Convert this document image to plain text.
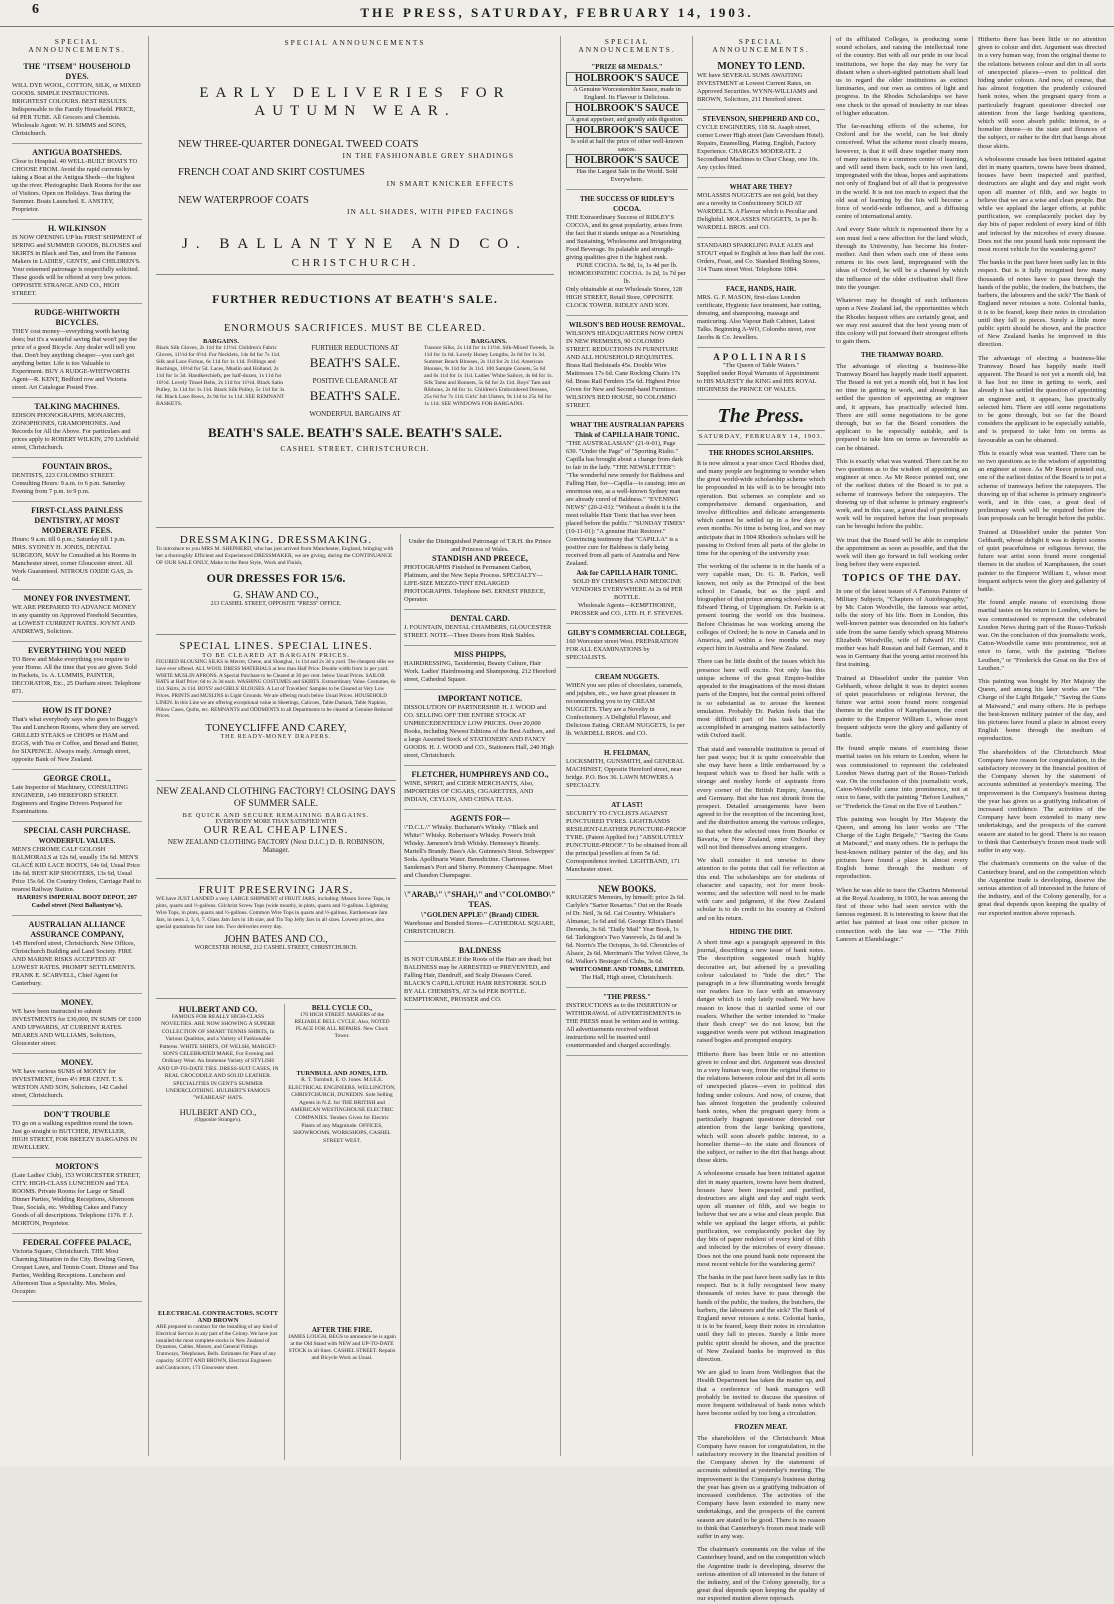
6	THE PRESS, SATURDAY, FEBRUARY 14, 1903.
SPECIAL ANNOUNCEMENTS.
THE "ITSEM" HOUSEHOLD DYES.
WILL DYE WOOL, COTTON, SILK, or MIXED GOODS. SIMPLE INSTRUCTIONS. BRIGHTEST COLOURS. BEST RESULTS. Indispensable to the Family Household. PRICE, 6d PER TUBE. All Grocers and Chemists. Wholesale Agent: W. H. SIMMS and SONS, Christchurch.
ANTIGUA BOATSHEDS.
Close to Hospital. 40 WELL-BUILT BOATS TO CHOOSE FROM. Avoid the rapid currents by taking a Boat at the Antigua Sheds—the highest up the river. Photographic Dark Rooms for the use of Visitors. Open on Holidays. Teas during the Summer. Boats Launched. E. ANSTEY, Proprietor.
H. WILKINSON
IS NOW OPENING UP his FIRST SHIPMENT of SPRING and SUMMER GOODS, BLOUSES and SKIRTS in Black and Tan, and from the Famous Makers in LADIES', GENTS', and CHILDREN'S. Your esteemed patronage is respectfully solicited. These goods will be offered at very low prices. OPPOSITE STRANGE AND CO., HIGH STREET.
RUDGE-WHITWORTH BICYCLES.
THEY cost money—everything worth having does; but it's a wasteful saving that won't pay the price of a good Bicycle. Any dealer will tell you that. Don't buy anything cheaper—you can't get anything better. Life is too Valuable to Experiment. BUY A RUDGE-WHITWORTH. Agent—R. KENT, Bedford row and Victoria street. Art Catalogue Posted Free.
TALKING MACHINES.
EDISON PHONOGRAPHS, MONARCHS, ZONOPHONES, GRAMOPHONES. And Records for All the Above. For particulars and prices apply to ROBERT WILKIN, 270 Lichfield street, Christchurch.
FOUNTAIN BROS.,
DENTISTS, 223 COLOMBO STREET. Consulting Hours: 9 a.m. to 6 p.m. Saturday Evening from 7 p.m. to 9 p.m.
FIRST-CLASS PAINLESS DENTISTRY, AT MOST MODERATE FEES.
Hours: 9 a.m. till 6 p.m.; Saturday till 1 p.m. MRS. SYDNEY H. JONES, DENTAL SURGEON, MAY be Consulted at his Rooms in Manchester street, corner Gloucester street. All Work Guaranteed. NITROUS OXIDE GAS, 2s 6d.
MONEY FOR INVESTMENT.
WE ARE PREPARED TO ADVANCE MONEY in any quantity on Approved Freehold Securities, at LOWEST CURRENT RATES. JOYNT AND ANDREWS, Solicitors.
EVERYTHING YOU NEED
TO Brew and Make everything you require to your Home. All the time that you are given. Sold in Packets, 1s. A. LUMMIS, PAINTER, DECORATOR, Etc., 25 Durham street. Telephone 871.
HOW IS IT DONE?
That's what everybody says who goes to Buggy's Tea and Luncheon Rooms, where they are served. GRILLED STEAKS or CHOPS or HAM and EGGS, with Tea or Coffee, and Bread and Butter, for SIXPENCE. Always ready. Armagh street, opposite Bank of New Zealand.
GEORGE CROLL,
Late Inspector of Machinery, CONSULTING ENGINEER, 149 HEREFORD STREET. Engineers and Engine Drivers Prepared for Examinations.
SPECIAL CASH PURCHASE.
WONDERFUL VALUES.
MEN'S CHROME CALF GOLOSH BALMORALS at 12s 6d, usually 15s 6d. MEN'S GLACÉ KID LACE BOOTS, 14s 6d, Usual Price 18s 6d. BEST KIP SHOOTERS, 13s 6d, Usual Price 15s 6d. On Country Orders, Carriage Paid to nearest Railway Station.
HARRIS'S IMPERIAL BOOT DEPOT, 207 Cashel street (Next Ballantyne's).
AUSTRALIAN ALLIANCE ASSURANCE COMPANY,
145 Hereford street, Christchurch. New Offices, Christchurch Building and Land Society. FIRE AND MARINE RISKS ACCEPTED AT LOWEST RATES. PROMPT SETTLEMENTS. FRANK E. SCARVELL, Chief Agent for Canterbury.
MONEY.
WE have been instructed to submit INVESTMENTS for £30,000, IN SUMS OF £100 AND UPWARDS, AT CURRENT RATES. MEARES AND WILLIAMS, Solicitors, Gloucester street.
MONEY.
WE have various SUMS of MONEY for INVESTMENT, from 4½ PER CENT. T. S. WESTON AND SON, Solicitors, 142 Cashel street, Christchurch.
DON'T TROUBLE
TO go on a walking expedition round the town. Just go straight to BUTCHER, JEWELLER, HIGH STREET, FOR BREEZY BARGAINS IN JEWELLERY.
MORTON'S
(Late Ladies' Club), 153 WORCESTER STREET, CITY. HIGH-CLASS LUNCHEON and TEA ROOMS. Private Rooms for Large or Small Dinner Parties, Wedding Receptions, Afternoon Teas, Socials, etc. Wedding Cakes and Fancy Goods of all descriptions. Telephone 1176. F. J. MORTON, Proprietor.
FEDERAL COFFEE PALACE,
Victoria Square, Christchurch. THE Most Charming Situation in the City. Bowling Green, Croquet Lawn, and Tennis Court. Dinner and Tea Parties, Wedding Receptions. Luncheon and Afternoon Teas a Speciality. Mrs. Moles, Occupier.
SPECIAL ANNOUNCEMENTS
EARLY DELIVERIES FOR AUTUMN WEAR.
NEW THREE-QUARTER DONEGAL TWEED COATS
IN THE FASHIONABLE GREY SHADINGS
FRENCH COAT AND SKIRT COSTUMES
IN SMART KNICKER EFFECTS
NEW WATERPROOF COATS
IN ALL SHADES, WITH PIPED FACINGS
J. BALLANTYNE AND CO.
CHRISTCHURCH.
FURTHER REDUCTIONS AT BEATH'S SALE.
ENORMOUS SACRIFICES. MUST BE CLEARED.
BARGAINS.
Black Silk Gloves, 2s 11d for 11½d. Children's Fabric Gloves, 11½d for 6½d. Fur Necklets, 14s 6d for 7s 11d. Silk and Lace Fichus, 6s 11d for 1s 11d. Frillings and Ruchings, 10½d for 5d. Laces, Muslin and Holland, 2s 11d for 1s 3d. Handkerchiefs, per half-dozen, 1s 11d for 10½d. Lovely Tinsel Belts, 2s 11d for 11½d. Black Satin Pulley, 3s 11d for 1s 11d. Black Silk Pulley, 5s 11d for 3s 6d. Black Lace Bows, 2s 9d for 1s 11d. SEE REMNANT BASKETS.
FURTHER REDUCTIONS AT
BEATH'S SALE.
POSITIVE CLEARANCE AT
BEATH'S SALE.
WONDERFUL BARGAINS AT
BARGAINS.
Tussore Silks, 2s 11d for 1s 11½d. Silk-Mixed Tweeds, 3s 11d for 1s 6d. Lovely Honey Lengths, 2s 6d for 1s 3d. Summer Beach Blouses, 2s 11d for 2s 11d. American Blouses, 9s 11d for 3s 11d. 100 Sample Corsets, 5s 6d and 6s 11d for 1s 11d. Ladies' White Sailors, 4s 6d for 1s. Silk Tams and Bonnets, 5s 6d for 2s 11d. Boys' Tam and Ribbons, 2s 6d for 1s. Children's Embroidered Dresses, 25s 6d for 7s 11d. Girls' Jub Ulsters, 9s 11d to 25s 6d for 1s 11d. SEE WINDOWS FOR BARGAINS.
BEATH'S SALE. BEATH'S SALE. BEATH'S SALE.
CASHEL STREET, CHRISTCHURCH.
DRESSMAKING. DRESSMAKING.
To introduce to you MRS M. SHEPHERD, who has just arrived from Manchester, England, bringing with her a thoroughly Efficient and Experienced DRESSMAKER, we are giving, during the CONTINUANCE OF OUR SALE ONLY, Make to the Best Style, Work and Finish,
OUR DRESSES FOR 15/6.
G. SHAW AND CO.,
213 CASHEL STREET, OPPOSITE "PRESS" OFFICE.
SPECIAL LINES. SPECIAL LINES.
TO BE CLEARED AT BARGAIN PRICES.
FIGURED BLOUSING SILKS in Mercer, Chene, and Shanghai, 1s 11d and 2s 3d a yard. The cheapest silks we have ever offered. ALL WOOL DRESS MATERIALS at less than Half Price. Double width from 1s per yard. WHITE MUSLIN APRONS. A Special Purchase to be Cleared at 30 per cent. below Usual Prices. SAILOR HATS at Half Price; 6d to 2s 3d each. WASHING COSTUMES and SKIRTS. Extraordinary Value. Costumes, 6s 11d. Skirts, 2s 11d. BOYS' and GIRLS' BLOUSES. A Lot of Travellers' Samples to be Cleared at Very Low Prices. PRINTS and MUSLINS in Light Grounds. We are offering much below Usual Prices. HOUSEHOLD LINEN. In this Line we are offering exceptional value in Sheetings, Calicoes, Table Damask, Table Napkins, Pillow Cases, Quilts, etc. REMNANTS and ODDMENTS in all Departments to be cleared at Genuine Reduced Prices.
TONEYCLIFFE AND CAREY,
THE READY-MONEY DRAPERS.
NEW ZEALAND CLOTHING FACTORY! CLOSING DAYS OF SUMMER SALE.
BE QUICK AND SECURE REMAINING BARGAINS.
EVERYBODY MORE THAN SATISFIED WITH
OUR REAL CHEAP LINES.
NEW ZEALAND CLOTHING FACTORY (Next D.I.C.) D. B. ROBINSON, Manager.
FRUIT PRESERVING JARS.
WE have JUST LANDED a very LARGE SHIPMENT of FRUIT JARS, including: Mason Screw Tops, in pints, quarts and ½-gallons. Gilchrist Screw Tops (wide mouth), in pints, quarts and ½-gallons. Lightning Wire Tops, in pints, quarts and ½-gallons. Common Wire Tops in quarts and ½-gallons. Earthenware Jam Jars, in nests 2, 3, 6, 7. Glass Jam Jars in 1lb size, and Tin Top Jelly Jars in all sizes. Lowest prices, also special quotations for case lots. Two deliveries every day.
JOHN BATES AND CO.,
WORCESTER HOUSE, 212 CASHEL STREET, CHRISTCHURCH.
HULBERT AND CO.
FAMOUS FOR REALLY HIGH-CLASS NOVELTIES. ARE NOW SHOWING A SUPERB COLLECTION OF SMART TENNIS SHIRTS, In Various Qualities, and a Variety of Fashionable Patterns. WHITE SHIRTS, OF WELSH, MARGET-SON'S CELEBRATED MAKE, For Evening and Ordinary Wear. An Immense Variety of STYLISH AND UP-TO-DATE TIES. DRESS-SUIT CASES, IN REAL CROCODILE AND SOLID LEATHER. SPECIALITIES IN GENT'S SUMMER UNDERCLOTHING. HULBERT'S FAMOUS "WEAREASI" HATS.
HULBERT AND CO.,
(Opposite Strange's).
ELECTRICAL CONTRACTORS. SCOTT AND BROWN
ARE prepared to contract for the installing of any kind of Electrical Service in any part of the Colony. We have just installed the most complete stocks in New Zealand of Dynamos, Cables, Motors, and General Fittings. Tramways, Telephones, Bells. Estimates for Plant of any capacity. SCOTT AND BROWN, Electrical Engineers and Contractors, 173 Gloucester street.
BELL CYCLE CO.,
170 HIGH STREET. MAKERS of the RELIABLE BELL CYCLE. Also, NOTED PLACE FOR ALL REPAIRS. New Clock Tower.
TURNBULL AND JONES, LTD.
R. T. Turnbull, E. O. Jones. M.I.E.E. ELECTRICAL ENGINEERS, WELLINGTON, CHRISTCHURCH, DUNEDIN. Sole Selling Agents in N.Z. for THE BRITISH and AMERICAN WESTINGHOUSE ELECTRIC COMPANIES. Tenders Given for Electric Plants of any Magnitude. OFFICES, SHOWROOMS, WORKSHOPS, CASHEL STREET WEST.
AFTER THE FIRE.
JAMES LOUGH, BEGS to announce he is again at the Old Stand with NEW and UP-TO-DATE STOCK in all lines. CASHEL STREET. Repairs and Bicycle Work as Usual.
Under the Distinguished Patronage of T.R.H. the Prince and Princess of Wales.
STANDISH AND PREECE,
PHOTOGRAPHS Finished in Permanent Carbon, Platinum, and the New Sepia Process. SPECIALTY— LIFE-SIZE MEZZO-TINT ENLARGED PHOTOGRAPHS. Telephone 845. ERNEST PREECE, Operator.
DENTAL CARD.
J. FOUNTAIN, DENTAL CHAMBERS, GLOUCESTER STREET. NOTE—Three Doors from Rink Stables.
MISS PHIPPS,
HAIRDRESSING, Taxidermist, Beauty Culture, Hair Work. Ladies' Hairdressing and Shampooing. 212 Hereford street, Cathedral Square.
IMPORTANT NOTICE.
DISSOLUTION OF PARTNERSHIP. H. J. WOOD and CO. SELLING OFF THE ENTIRE STOCK AT UNPRECEDENTEDLY LOW PRICES. Over 20,000 Books, including Newest Editions of the Best Authors, and a large Assorted Stock of STATIONERY AND FANCY GOODS. H. J. WOOD and CO., Stationers Hall, 240 High street, Christchurch.
FLETCHER, HUMPHREYS AND CO.,
WINE, SPIRIT, and CIDER MERCHANTS, Also, IMPORTERS OF CIGARS, CIGARETTES, AND INDIAN, CEYLON, AND CHINA TEAS.
AGENTS FOR—
\"D.C.L.\" Whisky. Buchanan's Whisky. \"Black and White\" Whisky. Robertson's Whisky. Power's Irish Whisky. Jameson's Irish Whisky. Hennessy's Brandy. Martell's Brandy. Bass's Ale. Guinness's Stout. Schweppes' Soda. Apollinaris Water. Benedictine. Chartreuse. Sandeman's Port and Sherry. Pommery Champagne. Moet and Chandon Champagne.
\"ARAB,\" \"SHAH,\" and \"COLOMBO\" TEAS.
\"GOLDEN APPLE\" (Brand) CIDER.
Warehouse and Bonded Stores—CATHEDRAL SQUARE, CHRISTCHURCH.
BALDNESS
IS NOT CURABLE If the Roots of the Hair are dead; but BALDNESS may be ARRESTED or PREVENTED, and Falling Hair, Dandruff, and Scalp Diseases Cured. BLACK'S CAPILLATURE HAIR RESTORER. SOLD BY ALL CHEMISTS, AT 3s 6d PER BOTTLE. KEMPTHORNE, PROSSER and CO.
SPECIAL ANNOUNCEMENTS.
"PRIZE 68 MEDALS."
HOLBROOK'S SAUCE
A Genuine Worcestershire Sauce, made in England. Its Flavour is Delicious.
HOLBROOK'S SAUCE
A great appetiser, and greatly aids digestion.
HOLBROOK'S SAUCE
Is sold at half the price of other well-known sauces.
HOLBROOK'S SAUCE
Has the Largest Sale in the World. Sold Everywhere.
THE SUCCESS OF RIDLEY'S COCOA.
THE Extraordinary Success of RIDLEY'S COCOA, and its great popularity, arises from the fact that it stands unique as a Nourishing and Sustaining, Wholesome and Invigorating Food Beverage. Its palatable and strength-giving qualities give it the highest rank.
PURE COCOA. 5s 8d, 1s, 1s 4d per lb. HOMOEOPATHIC COCOA. 1s 2d, 1s 7d per lb.
Only obtainable at our Wholesale Stores, 128 HIGH STREET, Retail Store, OPPOSITE CLOCK TOWER. RIDLEY AND SON.
WILSON'S BED HOUSE REMOVAL.
WILSON'S HEADQUARTERS NOW OPEN IN NEW PREMISES, 90 COLOMBO STREET. REDUCTIONS IN FURNITURE AND ALL HOUSEHOLD REQUISITES. Brass Rail Bedsteads 45s. Double Wire Mattresses 17s 6d. Cane Rocking Chairs 17s 6d. Brass Rail Fenders 15s 6d. Highest Price Given for New and Second-hand Furniture. WILSON'S BED HOUSE, 90 COLOMBO STREET.
WHAT THE AUSTRALIAN PAPERS Think of CAPILLA HAIR TONIC.
"THE AUSTRALASIAN" (21-9-01), Page 630. "Under the Page" of "Sporting Rialto." Capilla has brought about a change from dark to fair in the lady. "THE NEWSLETTER": "The wonderful new remedy for Baldness and Falling Hair, for—Capilla—is causing; into an enormous one, as a well-known Sydney man are already cured of Baldness." "EVENING NEWS" (20-2-01): "Without a doubt it is the most reliable Hair Tonic that has ever been placed before the public." "SUNDAY TIMES" (10-11-01): "A genuine Hair Restorer."
Convincing testimony that "CAPILLA" is a positive cure for Baldness is daily being received from all parts of Australia and New Zealand.
Ask for CAPILLA HAIR TONIC.
SOLD BY CHEMISTS AND MEDICINE VENDORS EVERYWHERE At 2s 6d PER BOTTLE.
Wholesale Agents—KEMPTHORNE, PROSSER and CO., LTD. H. F. STEVENS.
GILBY'S COMMERCIAL COLLEGE,
160 Worcester street West. PREPARATION FOR ALL EXAMINATIONS by SPECIALISTS.
CREAM NUGGETS.
WHEN you see piles of chocolates, caramels, and jujubes, etc., we have great pleasure in recommending you to try CREAM NUGGETS. They are a Novelty in Confectionery. A Delightful Flavour, and Delicious Eating. CREAM NUGGETS, 1s per lb. WARDELL BROS. and CO.
H. FELDMAN,
LOCKSMITH, GUNSMITH, and GENERAL MACHINIST, Opposite Hereford street, near bridge. P.O. Box 36. LAWN MOWERS A SPECIALTY.
AT LAST!
SECURITY TO CYCLISTS AGAINST PUNCTURED TYRES. LIGHTBANDS RESILIENT-LEATHER PUNCTURE-PROOF TYRE. (Patent Applied for.) "ABSOLUTELY PUNCTURE-PROOF." To be obtained from all the principal jewellers at from 5s 6d. Correspondence invited. LIGHTBAND, 171 Manchester street.
NEW BOOKS.
KRUGER'S Memoirs, by himself; price 2s 6d. Carlyle's "Sartor Resartus." Out on the Roads of Dr. Neil, 3s 6d. Cat Country. Whitaker's Almanac, 1s 6d and 6d. George Eliot's Daniel Deronda, 3s 6d. "Daily Mail" Year Book, 1s 6d. Tarkington's Two Vanrevels, 2s 6d and 3s 6d. Norris's The Octopus, 3s 6d. Chronicles of Alsace, 2s 6d. Merriman's The Velvet Glove, 3s 6d. Walker's Besieger of Clubs, 3s 6d.
WHITCOMBE AND TOMBS, LIMITED.
The Hall, High street, Christchurch.
"THE PRESS."
INSTRUCTIONS as to the INSERTION or WITHDRAWAL of ADVERTISEMENTS in THE PRESS must be written and in writing. All advertisements received without instructions will be inserted until countermanded and charged accordingly.
SPECIAL ANNOUNCEMENTS.
MONEY TO LEND.
WE have SEVERAL SUMS AWAITING INVESTMENT at Lowest Current Rates, on Approved Securities. WYNN-WILLIAMS and BROWN, Solicitors, 211 Hereford street.
STEVENSON, SHEPHERD AND CO.,
CYCLE ENGINEERS, 118 St. Asaph street, corner Lower High street (late Caversham Hotel). Repairs, Enamelling, Plating. English, Factory Experience. CHARGES MODERATE. 2 Secondhand Machines to Clear Cheap, one 10s. Any cycles fitted.
WHAT ARE THEY?
MOLASSES NUGGETS are not gold, but they are a novelty in Confectionery SOLD AT WARDELL'S. A Flavour which is Peculiar and Delightful. MOLASSES NUGGETS, 1s per lb. WARDELL BROS. and CO.
STANDARD SPARKLING PALE ALES and STOUT equal to English at less than half the cost. Orders, Feast, and Co. Standard Bottling Stores, 314 Tuam street West. Telephone 1084.
FACE, HANDS, HAIR.
MRS. G. F. MASON, first-class London certificate, Hygienic face treatment, hair cutting, dressing, and shampooing, massage and manicuring. Also Vapour Bath Cabinet, Latest Talks. Beginning A-WO, Colombo street, over Jacobs & Co. Jewellers.
APOLLINARIS
"The Queen of Table Waters."
Supplied under Royal Warrants of Appointment to HIS MAJESTY the KING and HIS ROYAL HIGHNESS the PRINCE OF WALES.
The Press.
SATURDAY, FEBRUARY 14, 1903.
THE RHODES SCHOLARSHIPS.

It is now almost a year since Cecil Rhodes died, and many people are beginning to wonder when the great world-wide scholarship scheme which he propounded in his will is to be brought into operation. But schemes so complete and so comprehensive demand organisation, and involve difficulties and delicate arrangements which cannot be settled up in a few days or even months. No time is being lost, and we may anticipate that in 1904 Rhodes's scholars will be passing to Oxford from all parts of the globe in time for the opening of the university year.

The working of the scheme is in the hands of a very capable man, Dr. G. R. Parkin, well known, not only as the Principal of the best school in Canada, but as the pupil and biographer of that prince among school-masters, Edward Thring, of Uppingham. Dr. Parkin is at present touring the world on this business. Before Christmas he was working among the colleges of Oxford; he is now in Canada and in America, and within a few months we may expect him in Australia and New Zealand.

There can be little doubt of the issues which his presence here will excite. Not only has this unique scheme of the great Empire-builder appealed to the imaginations of the most distant parts of the Empire, but the central point offered is so substantial as to arouse the keenest emulation. Probably Dr. Parkin feels that the most difficult part of his task has been accomplished in arranging matters satisfactorily with Oxford itself.

That staid and venerable institution is proud of her past ways; but it is quite conceivable that she may have been a little embarrassed by a bequest which was to flood her halls with a strange and motley horde of aspirants from every corner of the British Empire, America, and Germany. But she has not shrunk from the prospect. Detailed arrangements have been agreed to for the reception of the incoming host, and the distribution among the various colleges, so that when the selected ones from Bourke or Bavaria, or New Zealand, enter Oxford they will not find themselves among strangers.

We shall consider it not unwise to draw attention to the points that call for reflection at this end. The scholarships are for students of character and capacity, not for mere book-worms; and the selection will need to be made with care and judgment, if the New Zealand scholar is to do credit to his country at Oxford and on his return.

HIDING THE DIRT.

A short time ago a paragraph appeared in this journal, describing a new issue of bank notes. The description suggested much highly decorative art, but adorned by a prevailing colour calculated to "hide the dirt." The paragraph in a few illuminating words brought our readers face to face with an unsavoury danger which is only lately realised. We have reason to know that it startled some of our readers. Whether the writer intended to "make their flesh creep" we do not know, but the suggestive words were put without imagination raised bogies and prompted enquiry.

Hitherto there has been little or no attention given to colour and dirt. Argument was directed in a very human way, from the original theme to the relations between colour and dirt in all sorts of unexpected places—even to political dirt hiding under colours. And now, of course, that has almost forgotten the prudently coloured bank notes, when the pregnant query from a particularly fragrant questioner directed our attention from the large banking questions, which will soon absorb public interest, to a homelier theme—to the state and flounces of the subject, or rather to the dirt that hangs about those skirts.

A wholesome crusade has been initiated against dirt in many quarters, towns have been drained, houses have been inspected and purified, destructors are alight and day and night work upon all manner of filth, and we begin to believe that we are a wise and clean people. But while we applaud the larger efforts, at public purification, we complacently pocket day by day bits of paper redolent of every kind of filth and infected by the microbes of every disease. Does not the one pound bank note represent the most recent vehicle for the wandering germ?

The banks in the past have been sadly lax in this respect. But is it fully recognised how many thousands of notes have to pass through the hands of the public, the traders, the butchers, the barbers, the labourers and the sick? The Bank of England never reissues a note. Colonial banks, it is to be feared, keep their notes in circulation until they fall to pieces. Surely a little more public spirit should be shown, and the practice of New Zealand banks be improved in this direction.

We are glad to learn from Wellington that the Health Department has taken the matter up, and that a conference of bank managers will probably be invited to discuss the question of more frequent withdrawal of bank notes which have become soiled by too long a circulation.

FROZEN MEAT.

The shareholders of the Christchurch Meat Company have reason for congratulation, in the satisfactory recovery in the financial position of the Company shown by the statement of accounts submitted at yesterday's meeting. The improvement is the Company's business during the year has given us a gratifying indication of increased confidence. The activities of the Company have been extended to many new undertakings, and the prospects of the current season are stated to be good. There is no reason to think that Canterbury's frozen meat trade will suffer in any way.

The chairman's comments on the value of the Canterbury brand, and on the competition which the Argentine trade is developing, deserve the serious attention of all interested in the future of the industry, and of the Colony generally, for a great deal depends upon keeping the quality of our exported mutton above reproach.

of its affiliated Colleges, is producing some sound scholars, and raising the intellectual tone of the country. But with all our pride in our local institutions, we hope the day may be very far distant when a short-sighted patriotism shall lead us to regard the older institutions as extinct luminaries, and our own as centres of light and progress. In the Rhodes Scholarships we have one check to the spread of insularity in our ideas of higher education.

The far-reaching effects of the scheme, for Oxford and for the world, can be but dimly conceived. What the scheme most clearly means, however, is that it will draw together many men of many nations to a common centre of learning, and will send them back, each to his own land, impregnated with the ideas, hopes and aspirations not only of England but of all that is progressive in the world. It is not too much to expect that the old seat of learning by the Isis will become a force of world-wide influence, and a diffusing centre of international amity.

And every State which is represented there by a son must feel a new affection for the land which, through its University, has become his foster-mother. And then when each one of these sons returns to his own land, impregnated with the ideas of Oxford, he will be a channel by which the influence of the older civilisation shall flow into the younger.

Whatever may be thought of such influences upon a New Zealand lad, the opportunities which the Rhodes bequest offers are certainly great, and we may rest assured that the best young men of this colony will put forward their strongest efforts to gain them.

THE TRAMWAY BOARD.

The advantage of electing a business-like Tramway Board has happily made itself apparent. The Board is not yet a month old, but it has lost no time in getting to work, and already it has settled the question of appointing an engineer and, it appears, has practically selected him. There are still some negotiations to be gone through, but so far the Board considers the applicant to be especially suitable, and is prepared to take him on terms as favourable as can be obtained.

This is exactly what was wanted. There can be no two questions as to the wisdom of appointing an engineer at once. As Mr Reece pointed out, one of the earliest duties of the Board is to put a scheme of tramways before the ratepayers. The drawing up of that scheme is primary engineer's work, and in this case, a great deal of preliminary work will be required before the loan proposals can be brought before the public.

We trust that the Board will be able to complete the appointment as soon as possible, and that the work will then go forward in full working order long before they were expected.

TOPICS OF THE DAY.

In one of the latest issues of A Famous Painter of Military Subjects, "Chapters of Autobiography," by Mr. Caton Woodville, the famous war artist, tells the story of his life. Born in London, this well-known painter was descended on his father's side from the same family which sprang Mistress Elizabeth Woodville, wife of Edward IV. His mother was half Russian and half German, and it was in Germany that the young artist received his first training.

Trained at Düsseldorf under the painter Von Gebhardt, whose delight it was to depict scenes of quiet peacefulness or religious fervour, the future war artist soon found more congenial themes in the studios of Kamphausen, the court painter to the Emperor William I., whose most frequent subjects were the glory and gallantry of battle.

He found ample means of exercising those martial tastes on his return to London, where he was commissioned to represent the celebrated London News during part of the Russo-Turkish war. On the conclusion of this journalistic work, Caton-Woodville came into prominence, not at once to fame, with the painting "Before Leuthen," or "Frederick the Great on the Eve of Leuthen."

This painting was bought by Her Majesty the Queen, and among his later works are "The Charge of the Light Brigade," "Saving the Guns at Maiwand," and many others. He is perhaps the best-known military painter of the day, and his pictures have found a place in almost every English home through the medium of reproduction.

When he was able to trace the Chartres Memorial at the Royal Academy, in 1903, he was among the first of those who had seen service with the famous regiment. It is interesting to know that the artist has painted at least one other picture in connection with the late war — "The Fifth Lancers at Elandslaagte."

Hitherto there has been little or no attention given to colour and dirt. Argument was directed in a very human way, from the original theme to the relations between colour and dirt in all sorts of unexpected places—even to political dirt hiding under colours. And now, of course, that has almost forgotten the prudently coloured bank notes, when the pregnant query from a particularly fragrant questioner directed our attention from the large banking questions, which will soon absorb public interest, to a homelier theme—to the state and flounces of the subject, or rather to the dirt that hangs about those skirts.

A wholesome crusade has been initiated against dirt in many quarters, towns have been drained, houses have been inspected and purified, destructors are alight and day and night work upon all manner of filth, and we begin to believe that we are a wise and clean people. But while we applaud the larger efforts, at public purification, we complacently pocket day by day bits of paper redolent of every kind of filth and infected by the microbes of every disease. Does not the one pound bank note represent the most recent vehicle for the wandering germ?

The banks in the past have been sadly lax in this respect. But is it fully recognised how many thousands of notes have to pass through the hands of the public, the traders, the butchers, the barbers, the labourers and the sick? The Bank of England never reissues a note. Colonial banks, it is to be feared, keep their notes in circulation until they fall to pieces. Surely a little more public spirit should be shown, and the practice of New Zealand banks be improved in this direction.

The advantage of electing a business-like Tramway Board has happily made itself apparent. The Board is not yet a month old, but it has lost no time in getting to work, and already it has settled the question of appointing an engineer and, it appears, has practically selected him. There are still some negotiations to be gone through, but so far the Board considers the applicant to be especially suitable, and is prepared to take him on terms as favourable as can be obtained.

This is exactly what was wanted. There can be no two questions as to the wisdom of appointing an engineer at once. As Mr Reece pointed out, one of the earliest duties of the Board is to put a scheme of tramways before the ratepayers. The drawing up of that scheme is primary engineer's work, and in this case, a great deal of preliminary work will be required before the loan proposals can be brought before the public.

Trained at Düsseldorf under the painter Von Gebhardt, whose delight it was to depict scenes of quiet peacefulness or religious fervour, the future war artist soon found more congenial themes in the studios of Kamphausen, the court painter to the Emperor William I., whose most frequent subjects were the glory and gallantry of battle.

He found ample means of exercising those martial tastes on his return to London, where he was commissioned to represent the celebrated London News during part of the Russo-Turkish war. On the conclusion of this journalistic work, Caton-Woodville came into prominence, not at once to fame, with the painting "Before Leuthen," or "Frederick the Great on the Eve of Leuthen."

This painting was bought by Her Majesty the Queen, and among his later works are "The Charge of the Light Brigade," "Saving the Guns at Maiwand," and many others. He is perhaps the best-known military painter of the day, and his pictures have found a place in almost every English home through the medium of reproduction.

The shareholders of the Christchurch Meat Company have reason for congratulation, in the satisfactory recovery in the financial position of the Company shown by the statement of accounts submitted at yesterday's meeting. The improvement is the Company's business during the year has given us a gratifying indication of increased confidence. The activities of the Company have been extended to many new undertakings, and the prospects of the current season are stated to be good. There is no reason to think that Canterbury's frozen meat trade will suffer in any way.

The chairman's comments on the value of the Canterbury brand, and on the competition which the Argentine trade is developing, deserve the serious attention of all interested in the future of the industry, and of the Colony generally, for a great deal depends upon keeping the quality of our exported mutton above reproach.
